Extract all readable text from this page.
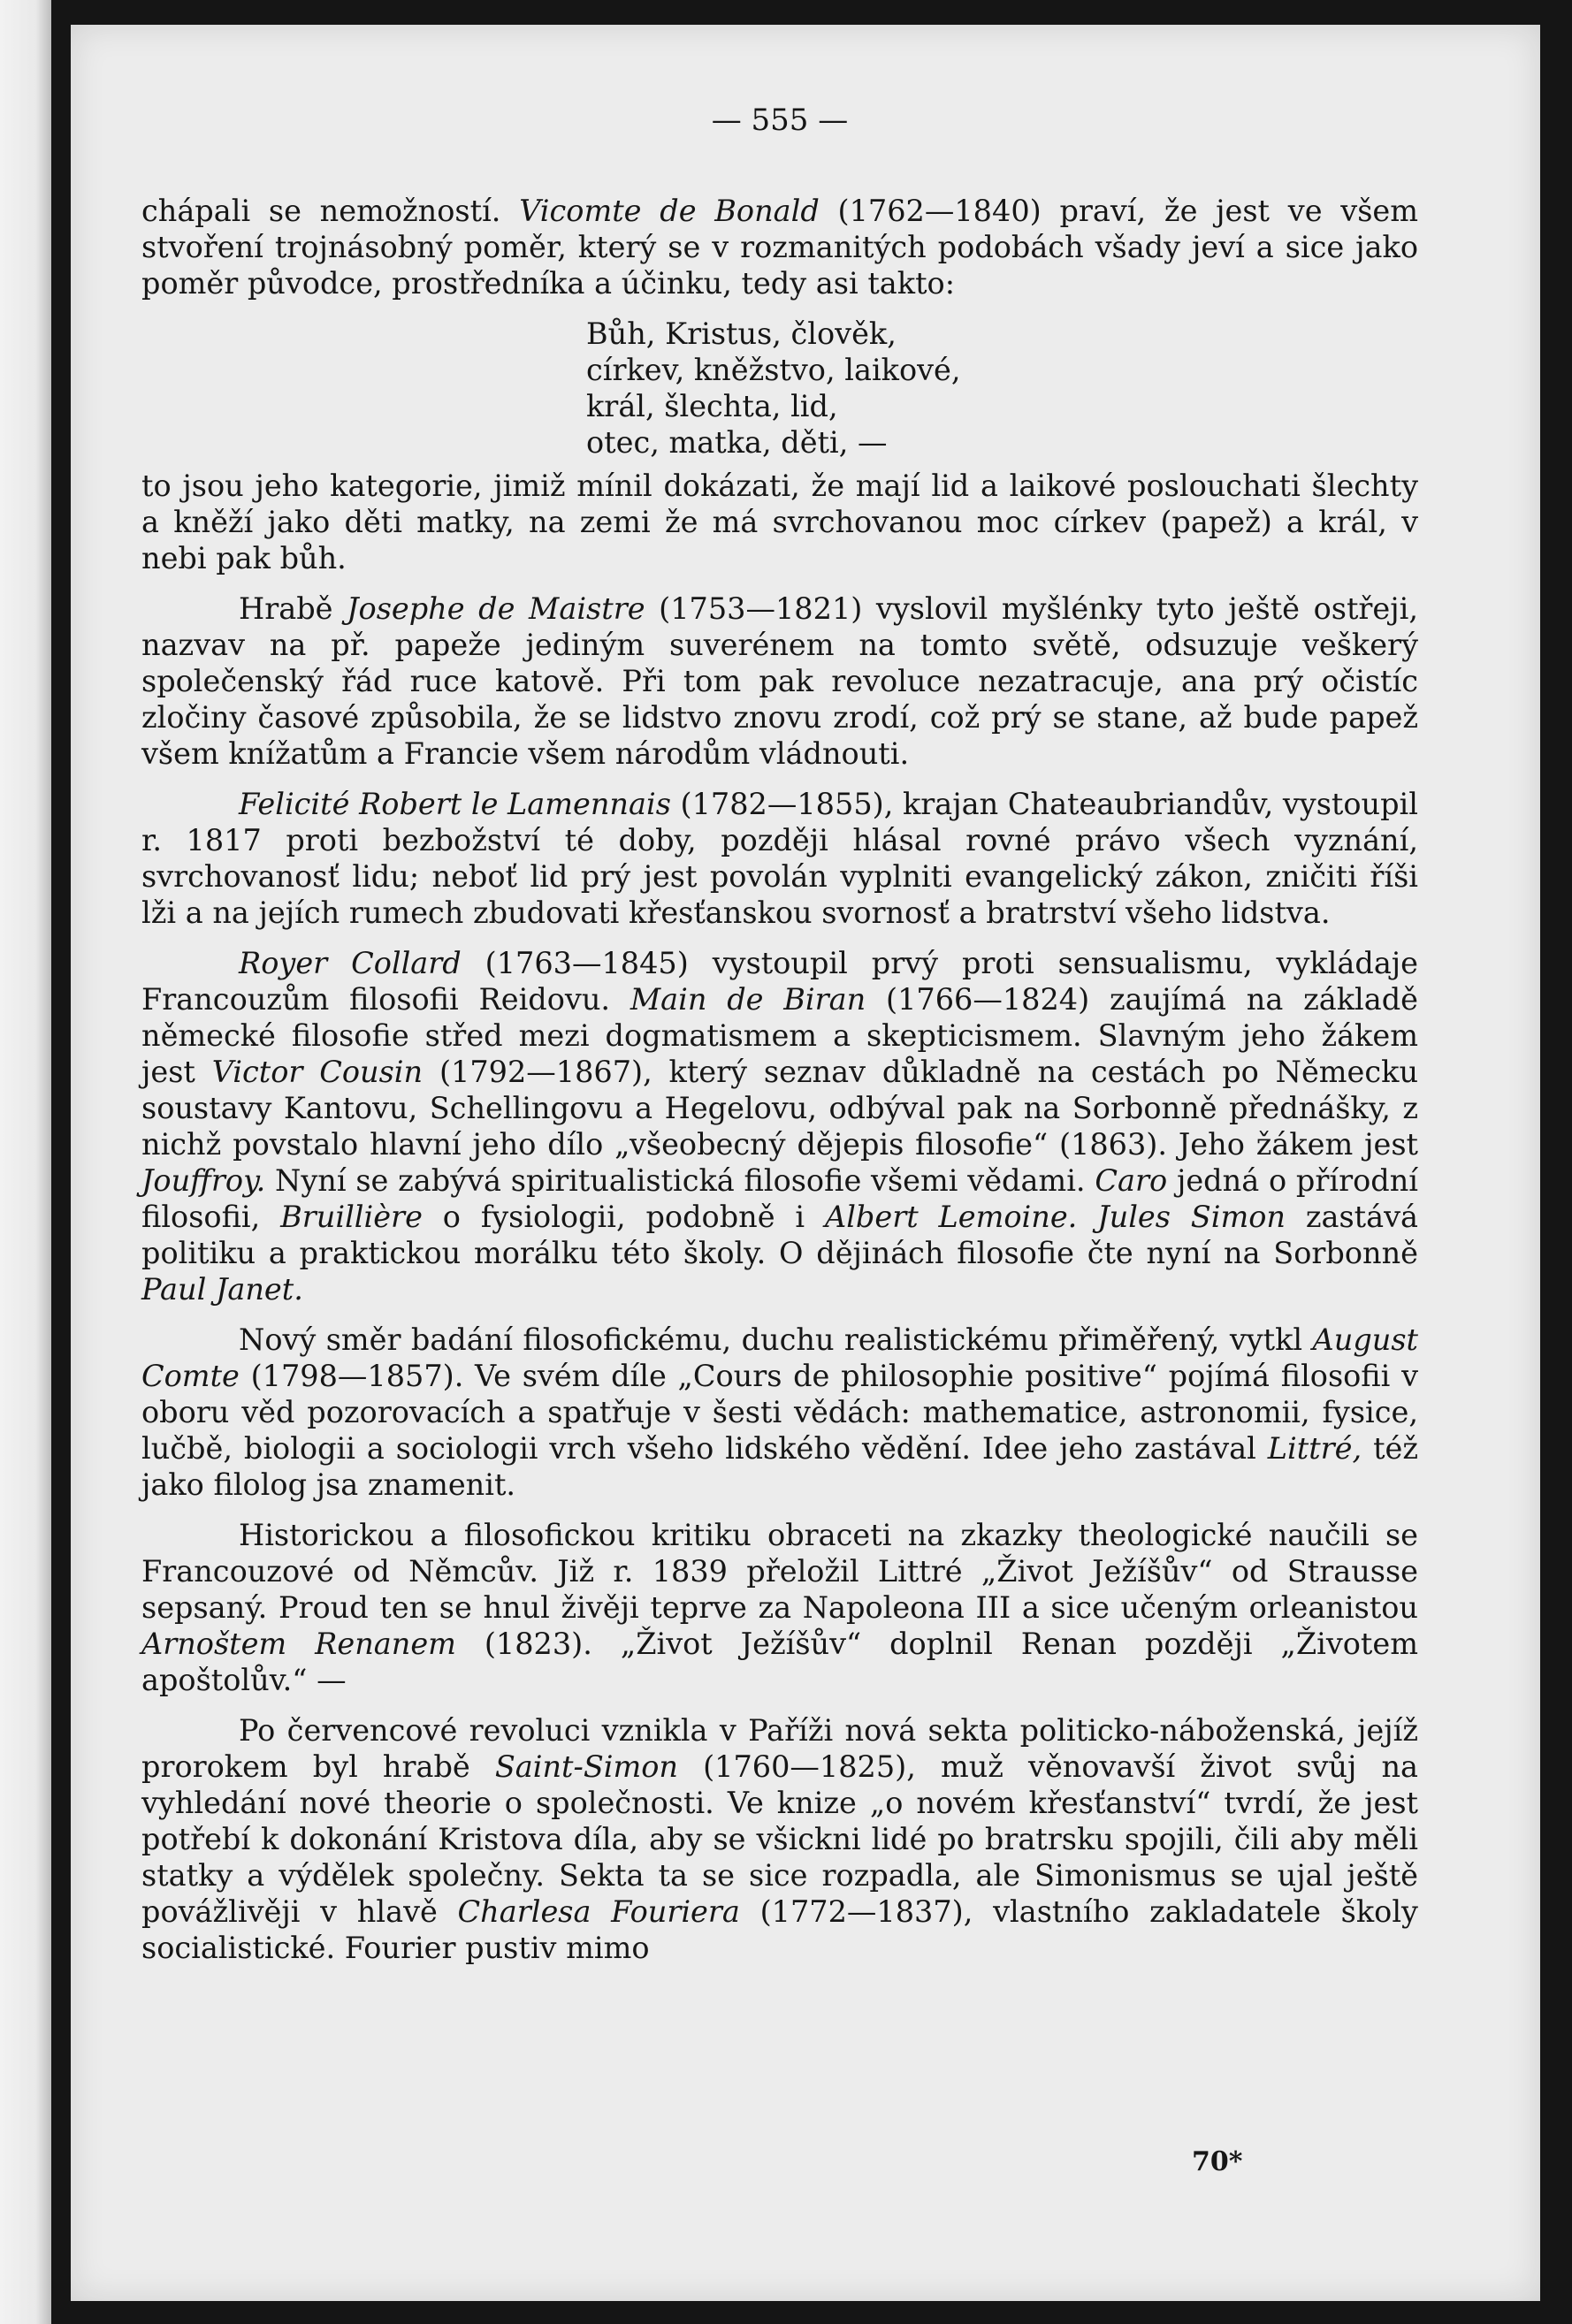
— 555 —

chápali se nemožností. Vicomte de Bonald (1762—1840) praví, že jest ve všem stvoření trojnásobný poměr, který se v rozmanitých podobách všady jeví a sice jako poměr původce, prostředníka a účinku, tedy asi takto:

Bůh, Kristus, člověk,
církev, kněžstvo, laikové,
král, šlechta, lid,
otec, matka, děti, —

to jsou jeho kategorie, jimiž mínil dokázati, že mají lid a laikové poslouchati šlechty a kněží jako děti matky, na zemi že má svrchovanou moc církev (papež) a král, v nebi pak bůh.

Hrabě Josephe de Maistre (1753—1821) vyslovil myšlénky tyto ještě ostřeji, nazvav na př. papeže jediným suverénem na tomto světě, odsuzuje veškerý společenský řád ruce katově. Při tom pak revoluce nezatracuje, ana prý očistíc zločiny časové způsobila, že se lidstvo znovu zrodí, což prý se stane, až bude papež všem knížatům a Francie všem národům vládnouti.

Felicité Robert le Lamennais (1782—1855), krajan Chateaubriandův, vystoupil r. 1817 proti bezbožství té doby, později hlásal rovné právo všech vyznání, svrchovanosť lidu; neboť lid prý jest povolán vyplniti evangelický zákon, zničiti říši lži a na jejích rumech zbudovati křesťanskou svornosť a bratrství všeho lidstva.

Royer Collard (1763—1845) vystoupil prvý proti sensualismu, vykládaje Francouzům filosofii Reidovu. Main de Biran (1766—1824) zaujímá na základě německé filosofie střed mezi dogmatismem a skepticismem. Slavným jeho žákem jest Victor Cousin (1792—1867), který seznav důkladně na cestách po Německu soustavy Kantovu, Schellingovu a Hegelovu, odbýval pak na Sorbonně přednášky, z nichž povstalo hlavní jeho dílo „všeobecný dějepis filosofie“ (1863). Jeho žákem jest Jouffroy. Nyní se zabývá spiritualistická filosofie všemi vědami. Caro jedná o přírodní filosofii, Bruillière o fysiologii, podobně i Albert Lemoine. Jules Simon zastává politiku a praktickou morálku této školy. O dějinách filosofie čte nyní na Sorbonně Paul Janet.

Nový směr badání filosofickému, duchu realistickému přiměřený, vytkl August Comte (1798—1857). Ve svém díle „Cours de philosophie positive“ pojímá filosofii v oboru věd pozorovacích a spatřuje v šesti vědách: mathematice, astronomii, fysice, lučbě, biologii a sociologii vrch všeho lidského vědění. Idee jeho zastával Littré, též jako filolog jsa znamenit.

Historickou a filosofickou kritiku obraceti na zkazky theologické naučili se Francouzové od Němcův. Již r. 1839 přeložil Littré „Život Ježíšův“ od Strausse sepsaný. Proud ten se hnul živěji teprve za Napoleona III a sice učeným orleanistou Arnoštem Renanem (1823). „Život Ježíšův“ doplnil Renan později „Životem apoštolův.“ —

Po červencové revoluci vznikla v Paříži nová sekta politicko-náboženská, jejíž prorokem byl hrabě Saint-Simon (1760—1825), muž věnovavší život svůj na vyhledání nové theorie o společnosti. Ve knize „o novém křesťanství“ tvrdí, že jest potřebí k dokonání Kristova díla, aby se všickni lidé po bratrsku spojili, čili aby měli statky a výdělek společny. Sekta ta se sice rozpadla, ale Simonismus se ujal ještě povážlivěji v hlavě Charlesa Fouriera (1772—1837), vlastního zakladatele školy socialistické. Fourier pustiv mimo

70*
